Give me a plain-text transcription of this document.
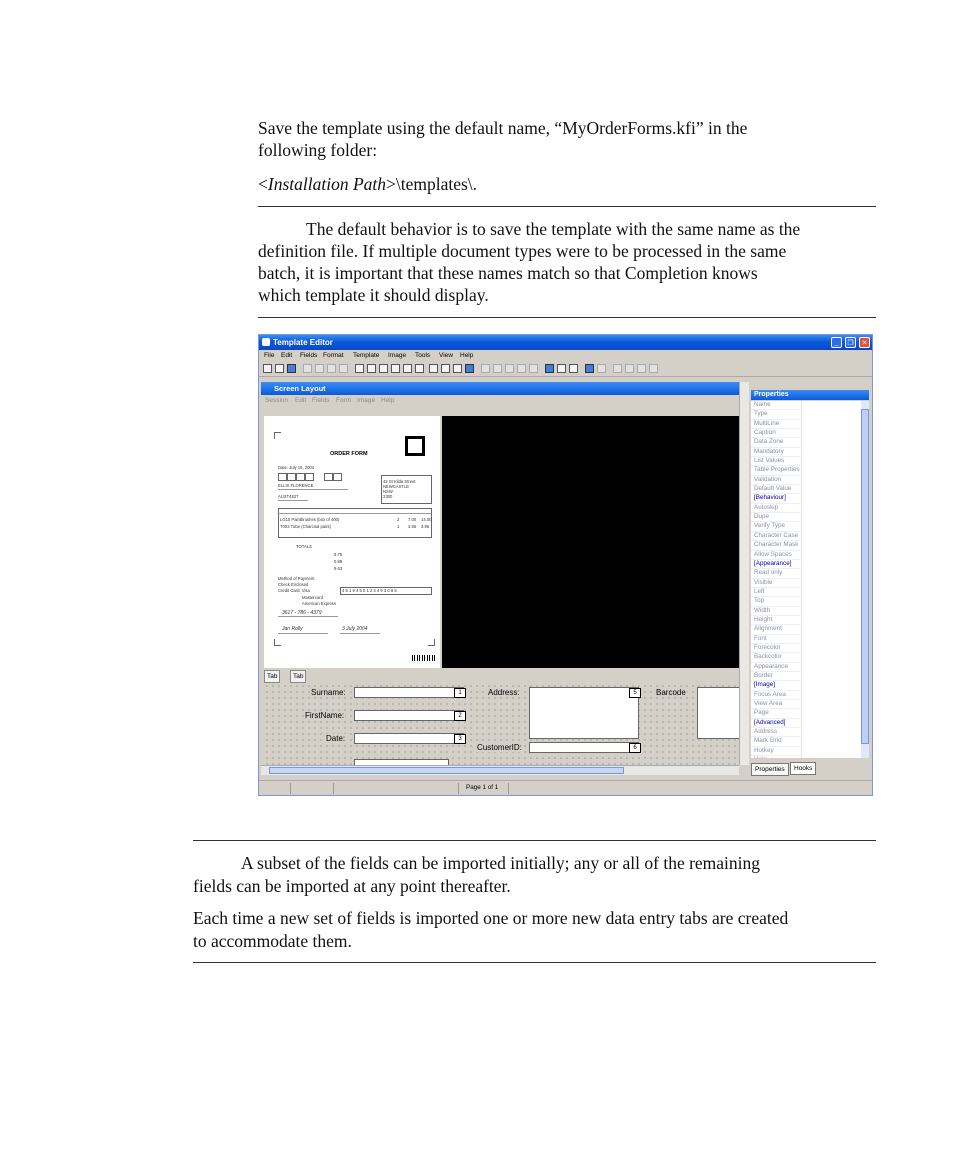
Save the template using the default name, “MyOrderForms.kfi” in the

following folder:

<Installation Path>\templates\.

The default behavior is to save the template with the same name as the

definition file. If multiple document types were to be processed in the same

batch, it is important that these names match so that Completion knows

which template it should display.

Template Editor	_	❐	✕
File Edit Fields Format Template Image Tools View Help
Screen Layout
Session Edit Fields Form Image Help
ORDER FORM
Date: July 15, 2004
42 St Kilda Street
NEWCASTLE
NSW
2300
ELLIS FLORENCE
AUST4527
LG10 Paintbrushes (box of 400)	2 7.00 14.00
T003 Tube (Charcoal paint)	1 3.95 3.95
TOTALS
8.75
0.88
9.63
Method of Payment
Check Enclosed
Credit Card: Visa
Mastercard
American Express
4 5 1 9 4 5 0 1 2 3 4 9 3 0 9 5
3617 - 786 - 4379
Jan Rolly	3 July 2004
Tab	Tab
Surname:	1
FirstName:	2
Date:	3
Address:	5	Barcode
CustomerID:	6
Properties
Name
Type
MultiLine
Caption
Data Zone
Mandatory
List Values
Table Properties
Validation
Default Value
[Behaviour]
Autoskip
Dupe
Verify Type
Character Case
Character Mask
Allow Spaces
[Appearance]
Read only
Visible
Left
Top
Width
Height
Alignment
Font
Forecolor
Backcolor
Appearance
Border
[Image]
Focus Area
View Area
Page
[Advanced]
Address
Mark Grid
Hotkey
Properties	Hooks
Page 1 of 1

A subset of the fields can be imported initially; any or all of the remaining

fields can be imported at any point thereafter.

Each time a new set of fields is imported one or more new data entry tabs are created

to accommodate them.
